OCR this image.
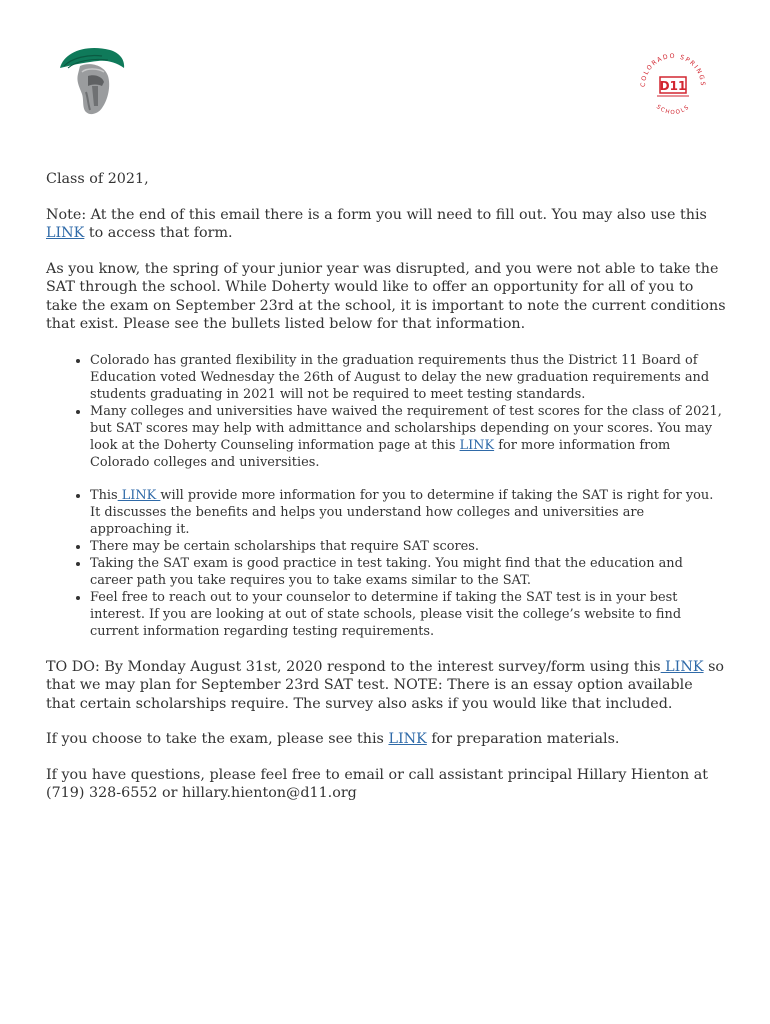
COLORADO SPRINGS
SCHOOLS
D11

Class of 2021,

Note: At the end of this email there is a form you will need to fill out. You may also use this LINK to access that form.

As you know, the spring of your junior year was disrupted, and you were not able to take the SAT through the school. While Doherty would like to offer an opportunity for all of you to take the exam on September 23rd at the school, it is important to note the current conditions that exist. Please see the bullets listed below for that information.

• Colorado has granted flexibility in the graduation requirements thus the District 11 Board of Education voted Wednesday the 26th of August to delay the new graduation requirements and students graduating in 2021 will not be required to meet testing standards.
• Many colleges and universities have waived the requirement of test scores for the class of 2021, but SAT scores may help with admittance and scholarships depending on your scores. You may look at the Doherty Counseling information page at this LINK for more information from Colorado colleges and universities.
• This LINK will provide more information for you to determine if taking the SAT is right for you. It discusses the benefits and helps you understand how colleges and universities are approaching it.
• There may be certain scholarships that require SAT scores.
• Taking the SAT exam is good practice in test taking. You might find that the education and career path you take requires you to take exams similar to the SAT.
• Feel free to reach out to your counselor to determine if taking the SAT test is in your best interest. If you are looking at out of state schools, please visit the college’s website to find current information regarding testing requirements.

TO DO: By Monday August 31st, 2020 respond to the interest survey/form using this LINK so that we may plan for September 23rd SAT test. NOTE: There is an essay option available that certain scholarships require. The survey also asks if you would like that included.

If you choose to take the exam, please see this LINK for preparation materials.

If you have questions, please feel free to email or call assistant principal Hillary Hienton at (719) 328-6552 or hillary.hienton@d11.org
